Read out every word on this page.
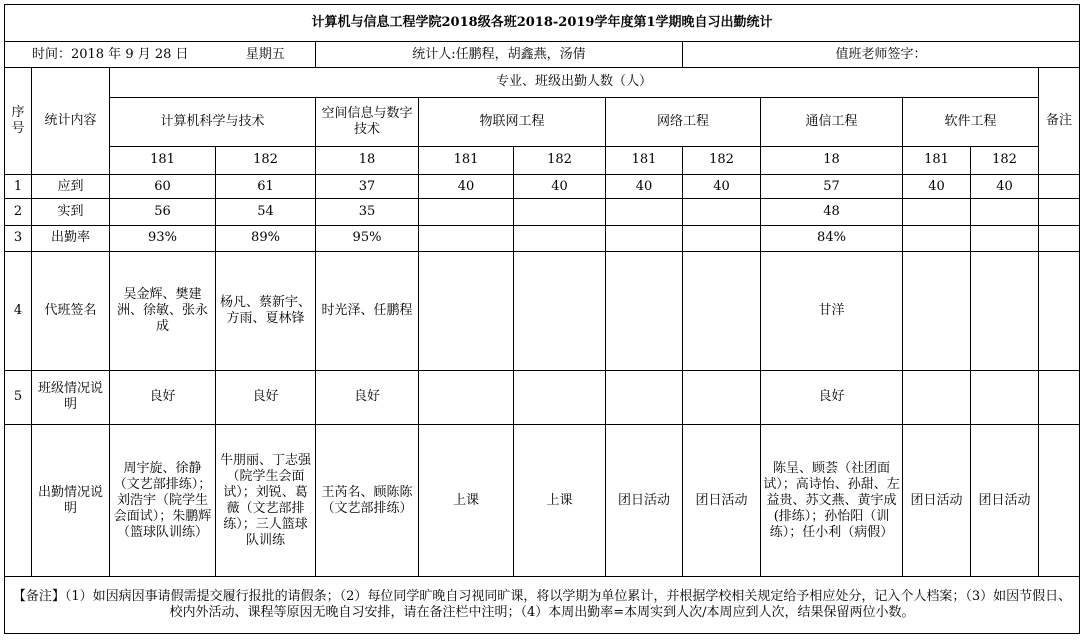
计算机与信息工程学院2018级各班2018-2019学年度第1学期晚自习出勤统计												
时间：2018 年 9 月 28 日			星期五	统计人:任鹏程，胡鑫燕，汤倩				值班老师签字：				
序号	统计内容	专业、班级出勤人数（人）										备注
		计算机科学与技术		空间信息与数字技术	物联网工程		网络工程		通信工程	软件工程		
		181	182	18	181	182	181	182	18	181	182	
1	应到	60	61	37	40	40	40	40	57	40	40	
2	实到	56	54	35					48			
3	出勤率	93%	89%	95%					84%			
4	代班签名	吴金辉、樊建洲、徐敏、张永成	杨凡、蔡新宇、方雨、夏林锋	时光泽、任鹏程					甘洋			
5	班级情况说明	良好	良好	良好					良好			
	出勤情况说明	周宇旋、徐静（文艺部排练）；刘浩宇（院学生会面试）；朱鹏辉（篮球队训练）	牛朋丽、丁志强（院学生会面试）；刘锐、葛薇（文艺部排练）；三人篮球队训练	王芮名、顾陈陈（文艺部排练）	上课	上课	团日活动	团日活动	陈呈、顾荟（社团面试）；高诗怡、孙甜、左益贵、苏文燕、黄宇成(排练）；孙怡阳（训练）；任小利（病假）	团日活动	团日活动	
【备注】（1）如因病因事请假需提交履行报批的请假条；（2）每位同学旷晚自习视同旷课，将以学期为单位累计，并根据学校相关规定给予相应处分，记入个人档案；（3）如因节假日、校内外活动、课程等原因无晚自习安排，请在备注栏中注明；（4）本周出勤率=本周实到人次/本周应到人次，结果保留两位小数。												
